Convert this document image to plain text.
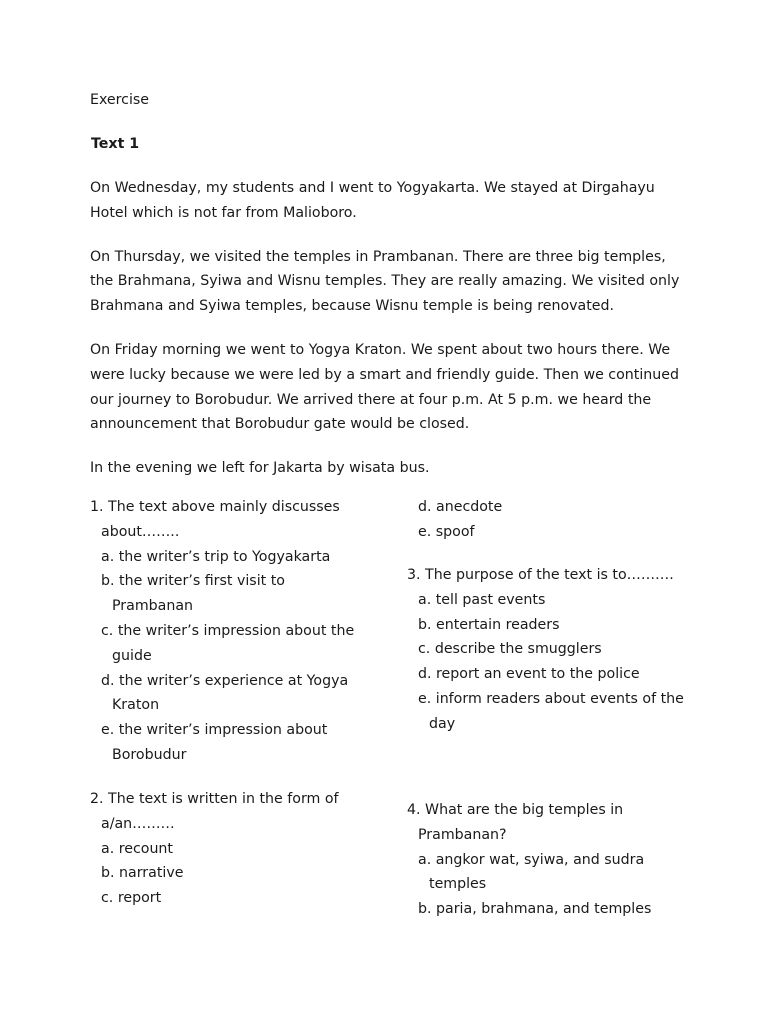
Exercise
Text 1

On Wednesday, my students and I went to Yogyakarta. We stayed at Dirgahayu Hotel which is not far from Malioboro.

On Thursday, we visited the temples in Prambanan. There are three big temples, the Brahmana, Syiwa and Wisnu temples. They are really amazing. We visited only Brahmana and Syiwa temples, because Wisnu temple is being renovated.

On Friday morning we went to Yogya Kraton. We spent about two hours there. We were lucky because we were led by a smart and friendly guide. Then we continued our journey to Borobudur. We arrived there at four p.m. At 5 p.m. we heard the announcement that Borobudur gate would be closed.

In the evening we left for Jakarta by wisata bus.

1. The text above mainly discusses about……..
a. the writer’s trip to Yogyakarta
b. the writer’s first visit to Prambanan
c. the writer’s impression about the guide
d. the writer’s experience at Yogya Kraton
e. the writer’s impression about Borobudur
d. anecdote
e. spoof
3. The purpose of the text is to……….
a. tell past events
b. entertain readers
c. describe the smugglers
d. report an event to the police
e. inform readers about events of the day
2. The text is written in the form of a/an………
a. recount
b. narrative
c. report
4. What are the big temples in Prambanan?
a. angkor wat, syiwa, and sudra temples
b. paria, brahmana, and temples
